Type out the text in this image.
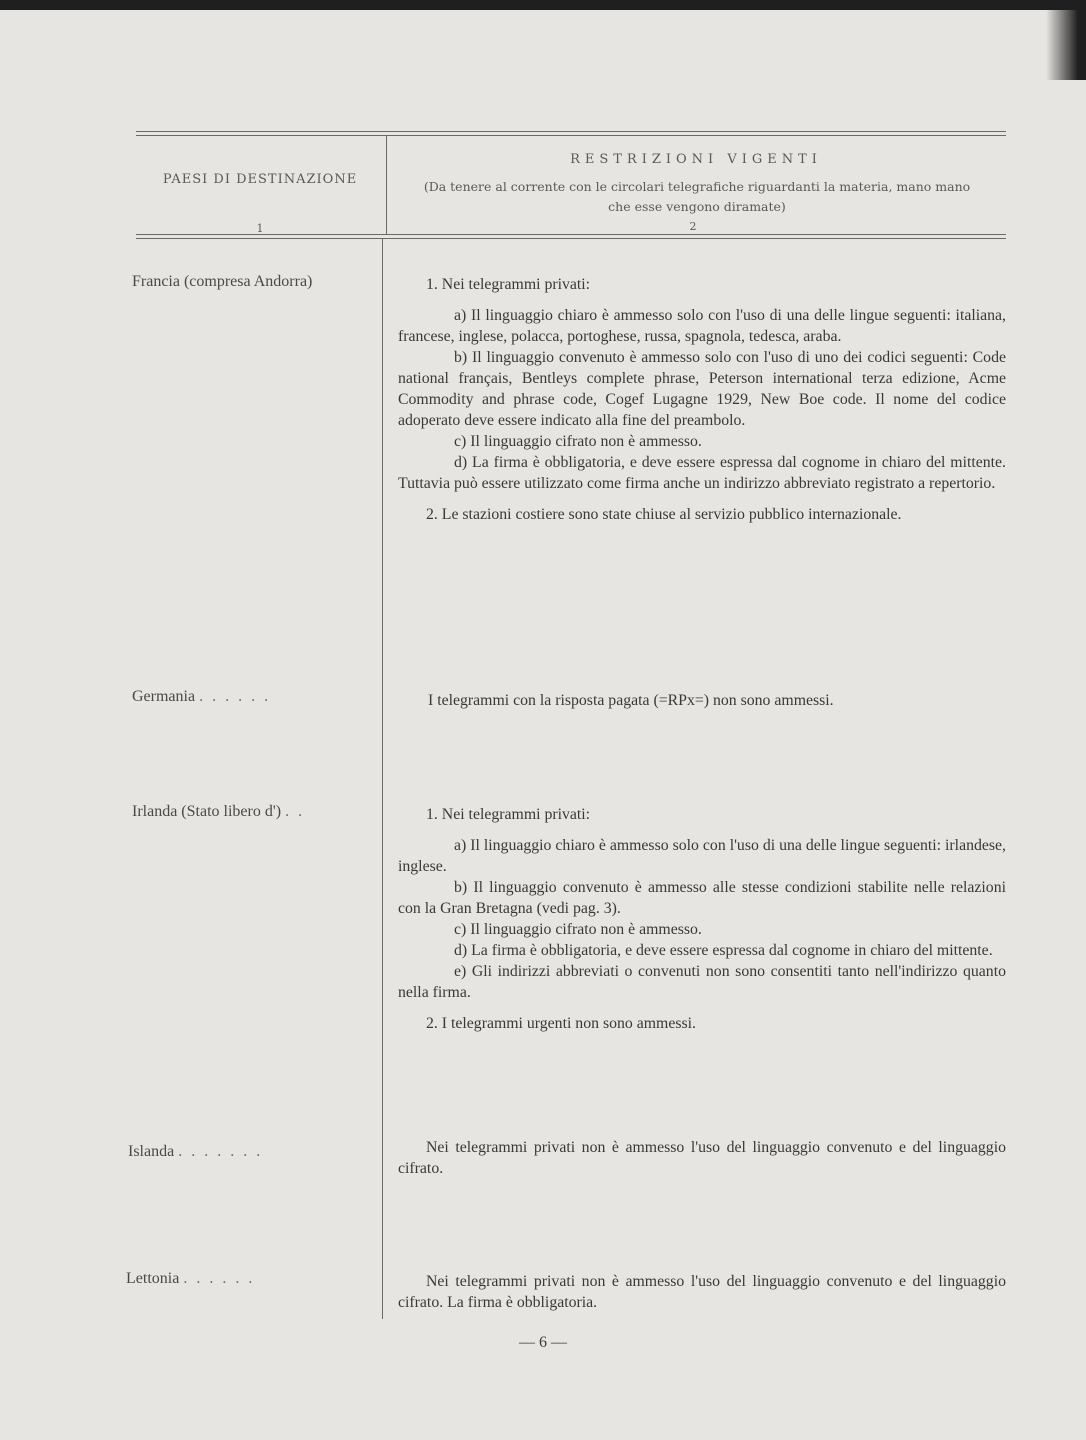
PAESI DI DESTINAZIONE
1
RESTRIZIONI VIGENTI
(Da tenere al corrente con le circolari telegrafiche riguardanti la materia, mano mano che esse vengono diramate)
2
Francia (compresa Andorra)	1. Nei telegrammi privati:

a) Il linguaggio chiaro è ammesso solo con l'uso di una delle lingue seguenti: italiana, francese, inglese, polacca, portoghese, russa, spagnola, tedesca, araba.

b) Il linguaggio convenuto è ammesso solo con l'uso di uno dei codici seguenti: Code national français, Bentleys complete phrase, Peterson international terza edizione, Acme Commodity and phrase code, Cogef Lugagne 1929, New Boe code. Il nome del codice adoperato deve essere indicato alla fine del preambolo.

c) Il linguaggio cifrato non è ammesso.

d) La firma è obbligatoria, e deve essere espressa dal cognome in chiaro del mittente. Tuttavia può essere utilizzato come firma anche un indirizzo abbreviato registrato a repertorio.

2. Le stazioni costiere sono state chiuse al servizio pubblico internazionale.

Germania ......	I telegrammi con la risposta pagata (=RPx=) non sono ammessi.

Irlanda (Stato libero d') ..	1. Nei telegrammi privati:

a) Il linguaggio chiaro è ammesso solo con l'uso di una delle lingue seguenti: irlandese, inglese.

b) Il linguaggio convenuto è ammesso alle stesse condizioni stabilite nelle relazioni con la Gran Bretagna (vedi pag. 3).

c) Il linguaggio cifrato non è ammesso.

d) La firma è obbligatoria, e deve essere espressa dal cognome in chiaro del mittente.

e) Gli indirizzi abbreviati o convenuti non sono consentiti tanto nell'indirizzo quanto nella firma.

2. I telegrammi urgenti non sono ammessi.

Islanda .......	Nei telegrammi privati non è ammesso l'uso del linguaggio convenuto e del linguaggio cifrato.

Lettonia ......	Nei telegrammi privati non è ammesso l'uso del linguaggio convenuto e del linguaggio cifrato. La firma è obbligatoria.

— 6 —
